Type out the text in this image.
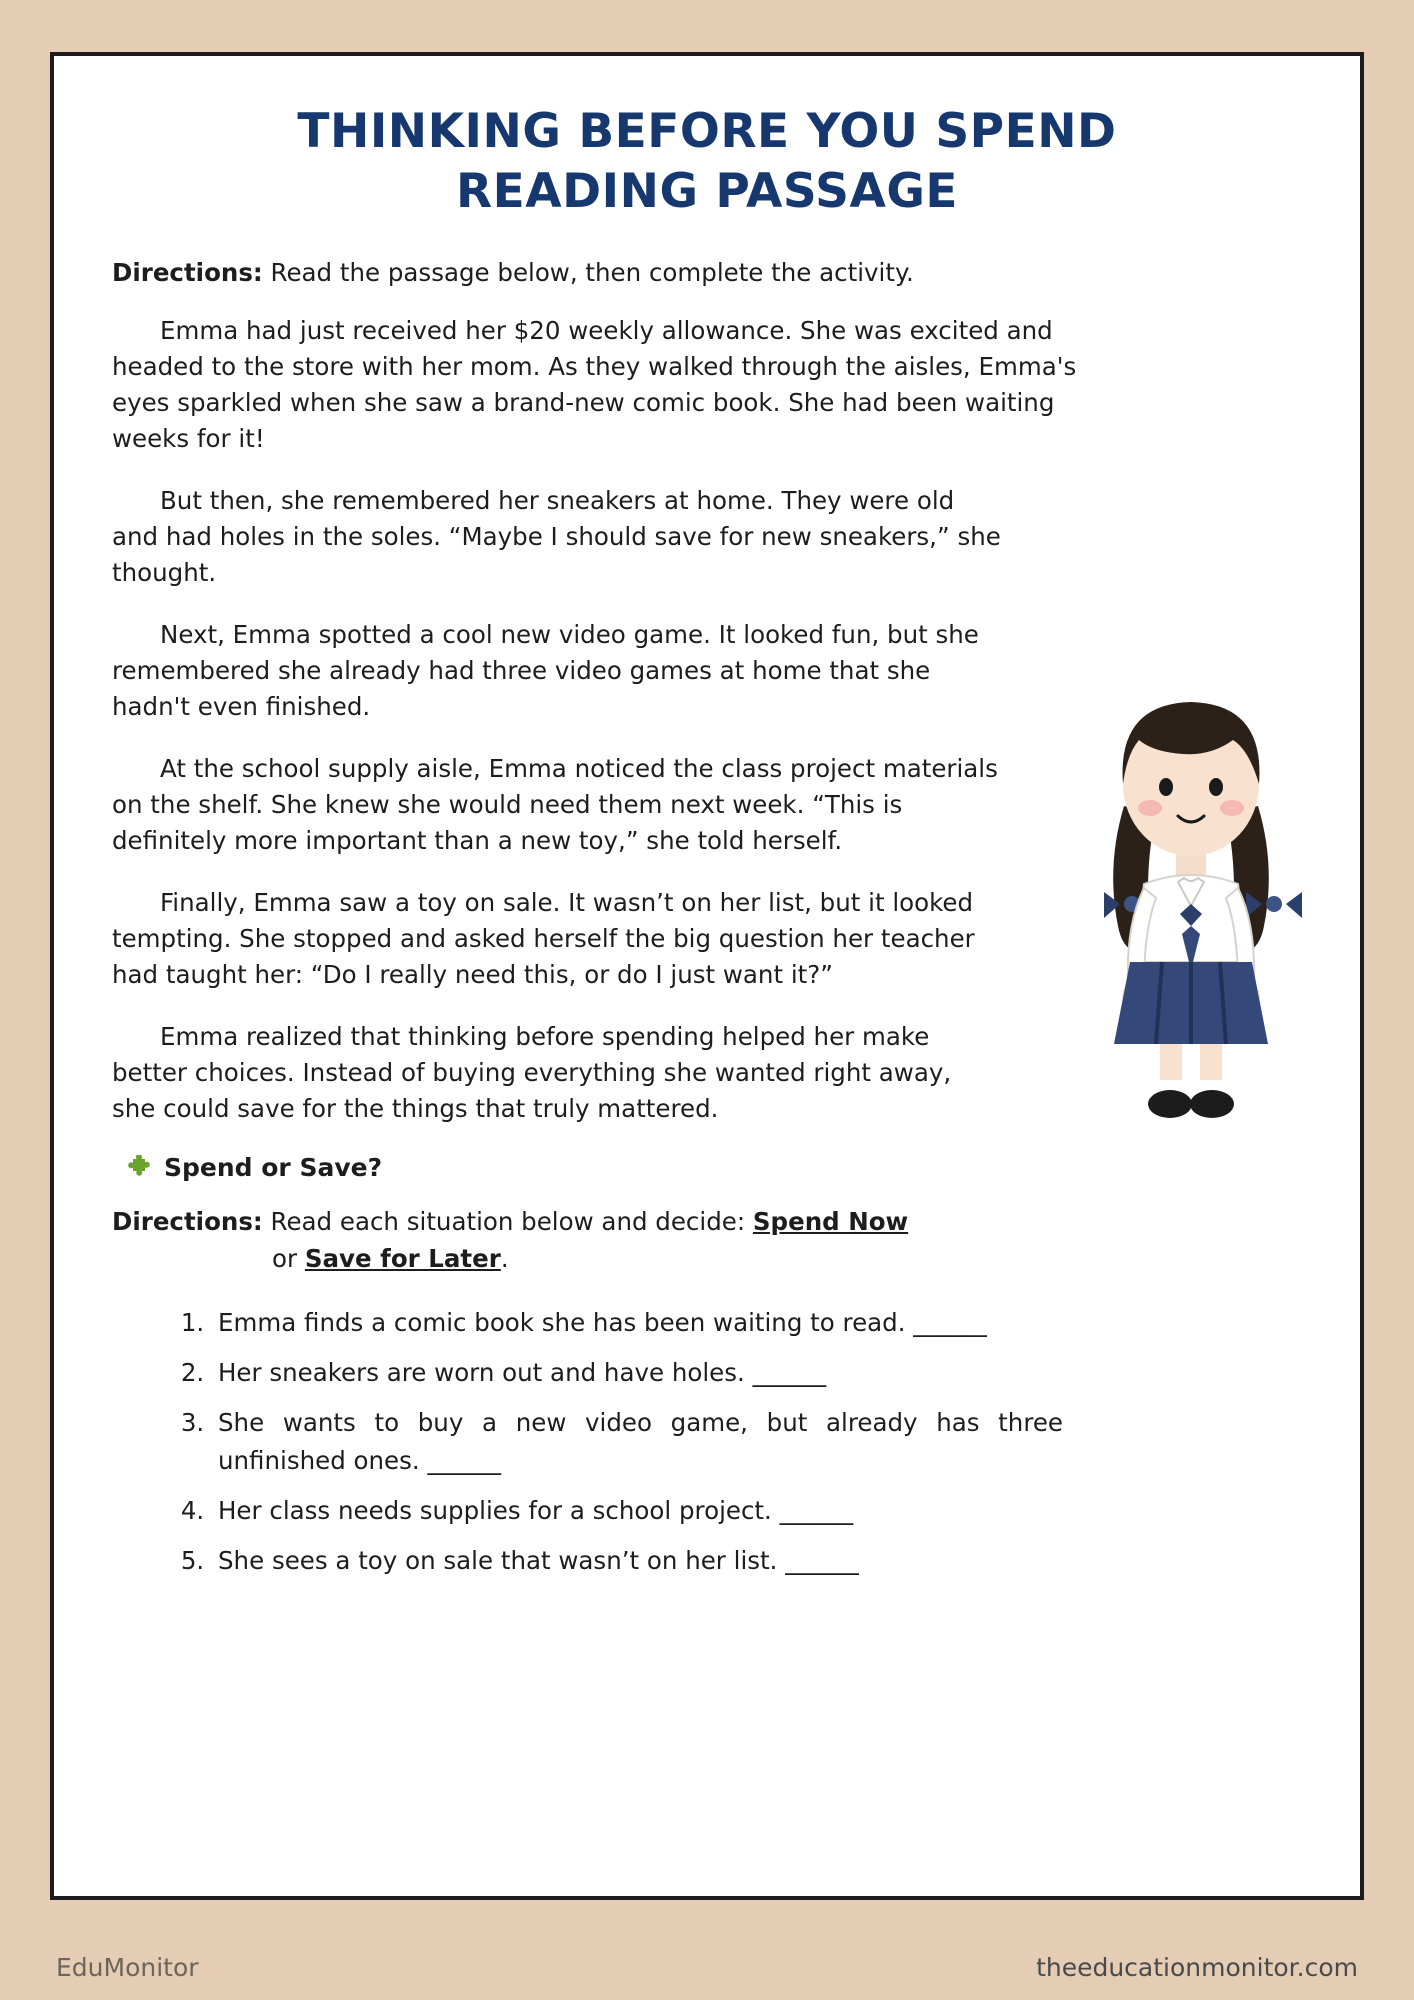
THINKING BEFORE YOU SPEND
READING PASSAGE
Directions: Read the passage below, then complete the activity.

Emma had just received her $20 weekly allowance. She was excited and headed to the store with her mom. As they walked through the aisles, Emma's eyes sparkled when she saw a brand-new comic book. She had been waiting weeks for it!

But then, she remembered her sneakers at home. They were old and had holes in the soles. “Maybe I should save for new sneakers,” she thought.

Next, Emma spotted a cool new video game. It looked fun, but she remembered she already had three video games at home that she hadn't even finished.

At the school supply aisle, Emma noticed the class project materials on the shelf. She knew she would need them next week. “This is definitely more important than a new toy,” she told herself.

Finally, Emma saw a toy on sale. It wasn’t on her list, but it looked tempting. She stopped and asked herself the big question her teacher had taught her: “Do I really need this, or do I just want it?”

Emma realized that thinking before spending helped her make better choices. Instead of buying everything she wanted right away, she could save for the things that truly mattered.

Spend or Save?
Directions: Read each situation below and decide: Spend Now
or Save for Later.
1. Emma finds a comic book she has been waiting to read. ______
2. Her sneakers are worn out and have holes. ______
3. She wants to buy a new video game, but already has three unfinished ones. ______
4. Her class needs supplies for a school project. ______
5. She sees a toy on sale that wasn’t on her list. ______
EduMonitor	theeducationmonitor.com
